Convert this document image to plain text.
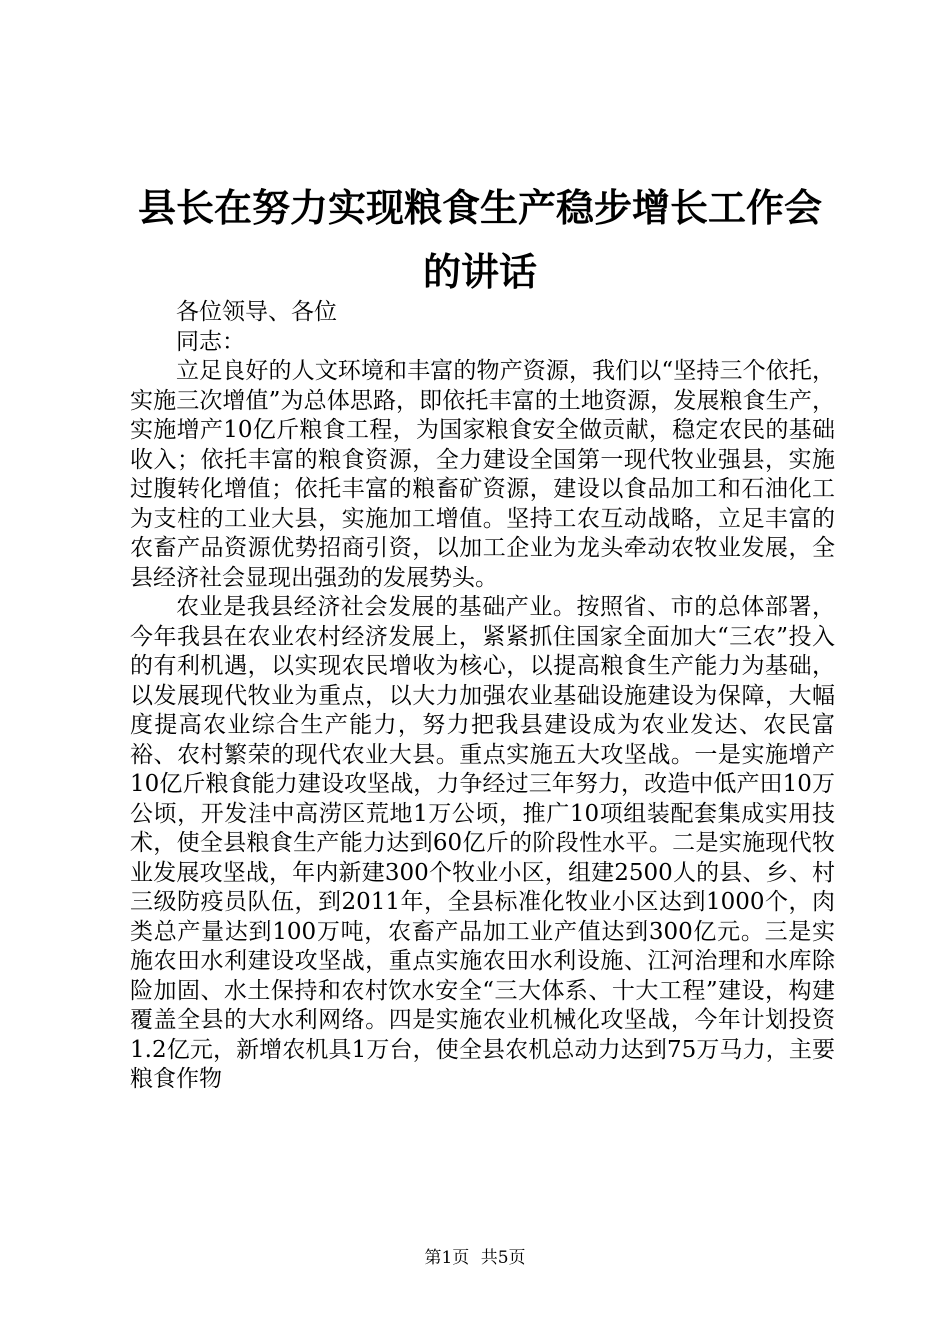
县长在努力实现粮食生产稳步增长工作会的讲话

各位领导、各位

同志：

立足良好的人文环境和丰富的物产资源，我们以“坚持三个依托，实施三次增值”为总体思路，即依托丰富的土地资源，发展粮食生产，实施增产10亿斤粮食工程，为国家粮食安全做贡献，稳定农民的基础收入；依托丰富的粮食资源，全力建设全国第一现代牧业强县，实施过腹转化增值；依托丰富的粮畜矿资源，建设以食品加工和石油化工为支柱的工业大县，实施加工增值。坚持工农互动战略，立足丰富的农畜产品资源优势招商引资，以加工企业为龙头牵动农牧业发展，全县经济社会显现出强劲的发展势头。

农业是我县经济社会发展的基础产业。按照省、市的总体部署，今年我县在农业农村经济发展上，紧紧抓住国家全面加大“三农”投入的有利机遇，以实现农民增收为核心，以提高粮食生产能力为基础，以发展现代牧业为重点，以大力加强农业基础设施建设为保障，大幅度提高农业综合生产能力，努力把我县建设成为农业发达、农民富裕、农村繁荣的现代农业大县。重点实施五大攻坚战。一是实施增产10亿斤粮食能力建设攻坚战，力争经过三年努力，改造中低产田10万公顷，开发洼中高涝区荒地1万公顷，推广10项组装配套集成实用技术，使全县粮食生产能力达到60亿斤的阶段性水平。二是实施现代牧业发展攻坚战，年内新建300个牧业小区，组建2500人的县、乡、村三级防疫员队伍，到2011年，全县标准化牧业小区达到1000个，肉类总产量达到100万吨，农畜产品加工业产值达到300亿元。三是实施农田水利建设攻坚战，重点实施农田水利设施、江河治理和水库除险加固、水土保持和农村饮水安全“三大体系、十大工程”建设，构建覆盖全县的大水利网络。四是实施农业机械化攻坚战，今年计划投资1.2亿元，新增农机具1万台，使全县农机总动力达到75万马力，主要粮食作物

第1页 共5页
